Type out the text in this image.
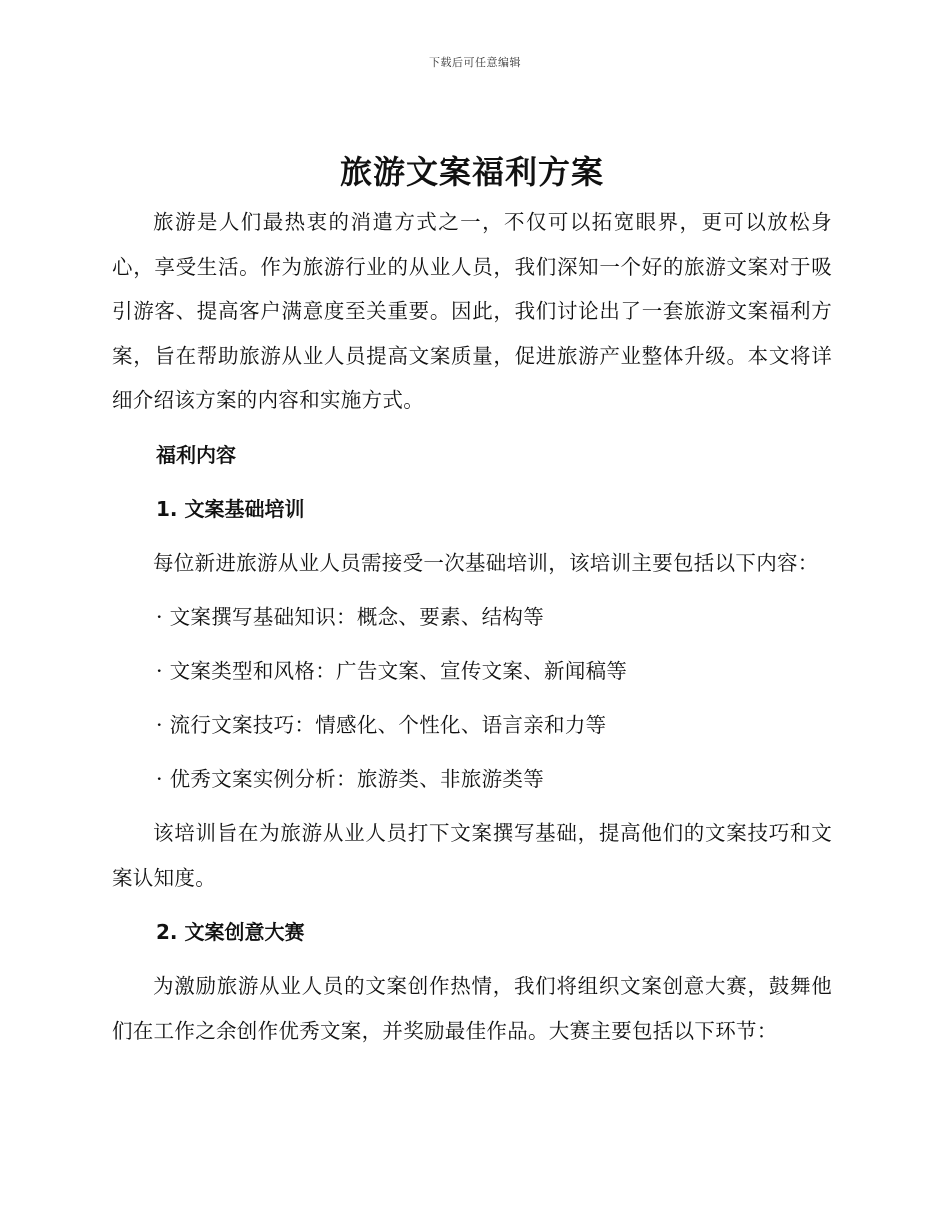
下载后可任意编辑
旅游文案福利方案

旅游是人们最热衷的消遣方式之一，不仅可以拓宽眼界，更可以放松身心，享受生活。作为旅游行业的从业人员，我们深知一个好的旅游文案对于吸引游客、提高客户满意度至关重要。因此，我们讨论出了一套旅游文案福利方案，旨在帮助旅游从业人员提高文案质量，促进旅游产业整体升级。本文将详细介绍该方案的内容和实施方式。

福利内容

1. 文案基础培训

每位新进旅游从业人员需接受一次基础培训，该培训主要包括以下内容：

· 文案撰写基础知识：概念、要素、结构等

· 文案类型和风格：广告文案、宣传文案、新闻稿等

· 流行文案技巧：情感化、个性化、语言亲和力等

· 优秀文案实例分析：旅游类、非旅游类等

该培训旨在为旅游从业人员打下文案撰写基础，提高他们的文案技巧和文案认知度。

2. 文案创意大赛

为激励旅游从业人员的文案创作热情，我们将组织文案创意大赛，鼓舞他们在工作之余创作优秀文案，并奖励最佳作品。大赛主要包括以下环节：
